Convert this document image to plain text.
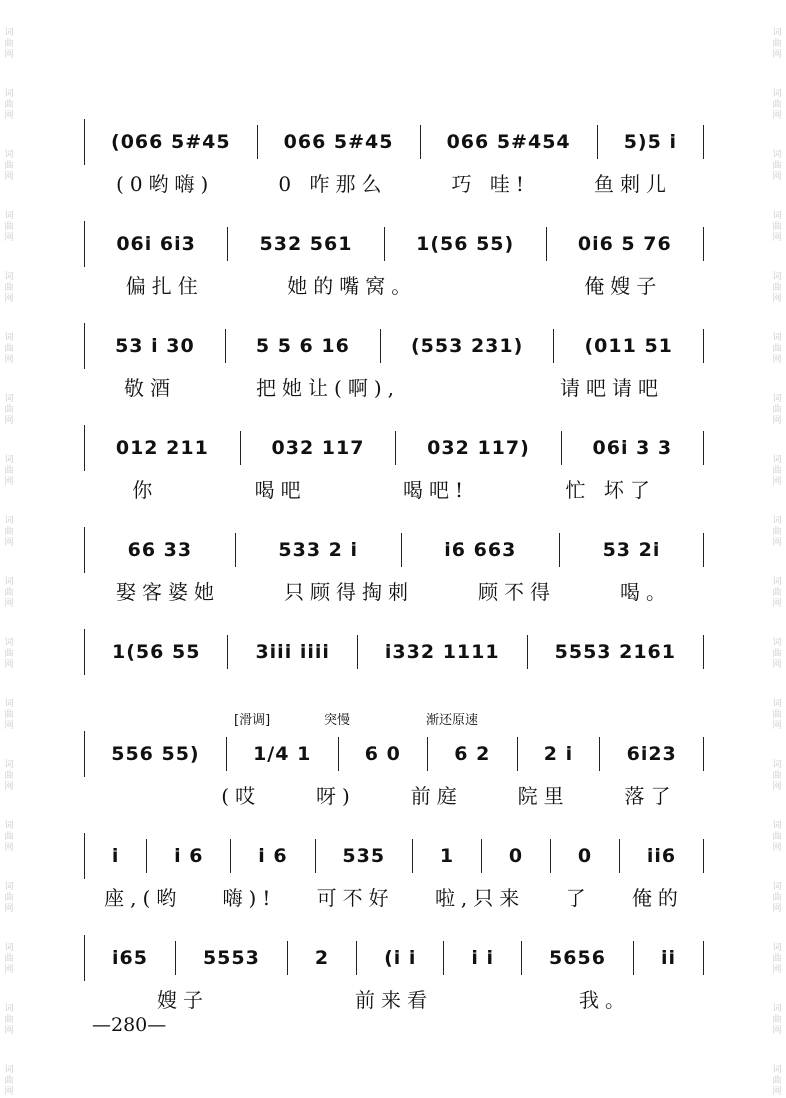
词
曲
网
词
曲
网
词
曲
网
词
曲
网
词
曲
网
词
曲
网
词
曲
网
词
曲
网
词
曲
网
词
曲
网
词
曲
网
词
曲
网
词
曲
网
词
曲
网
词
曲
网
词
曲
网
词
曲
网
词
曲
网
词
曲
网
词
曲
网
词
曲
网
词
曲
网
词
曲
网
词
曲
网
词
曲
网
词
曲
网
词
曲
网
词
曲
网
词
曲
网
词
曲
网
词
曲
网
词
曲
网
词
曲
网
词
曲
网
词
曲
网
词
曲
网
(066 5#45	066 5#45	066 5#454	5)5 i
(0哟嗨)	0 咋那么	巧 哇!	鱼刺儿
06i 6i3	532 561	1(56 55)	0i6 5 76
偏扎住	她的嘴窝。	俺嫂子
53 i 30	5 5 6 16	(553 231)	(011 51
敬酒	把她让(啊),	请吧请吧
012 211	032 117	032 117)	06i 3 3
你	喝吧	喝吧!	忙 坏了
66 33	533 2 i	i6 663	53 2i
娶客婆她	只顾得掏刺	顾不得	喝。
1(56 55	3iii iiii	i332 1111	5553 2161
[滑调]	突慢	渐还原速
556 55)	1/4 1	6 0	6 2	2 i	6i23
(哎	呀)	前庭	院里	落了
i	i 6	i 6	535	1	0	0	ii6
座,(哟	嗨)!	可不好	啦,只来	了	俺的
i65	5553	2	(i i	i i	5656	ii
嫂子	前来看	我。
—280—
